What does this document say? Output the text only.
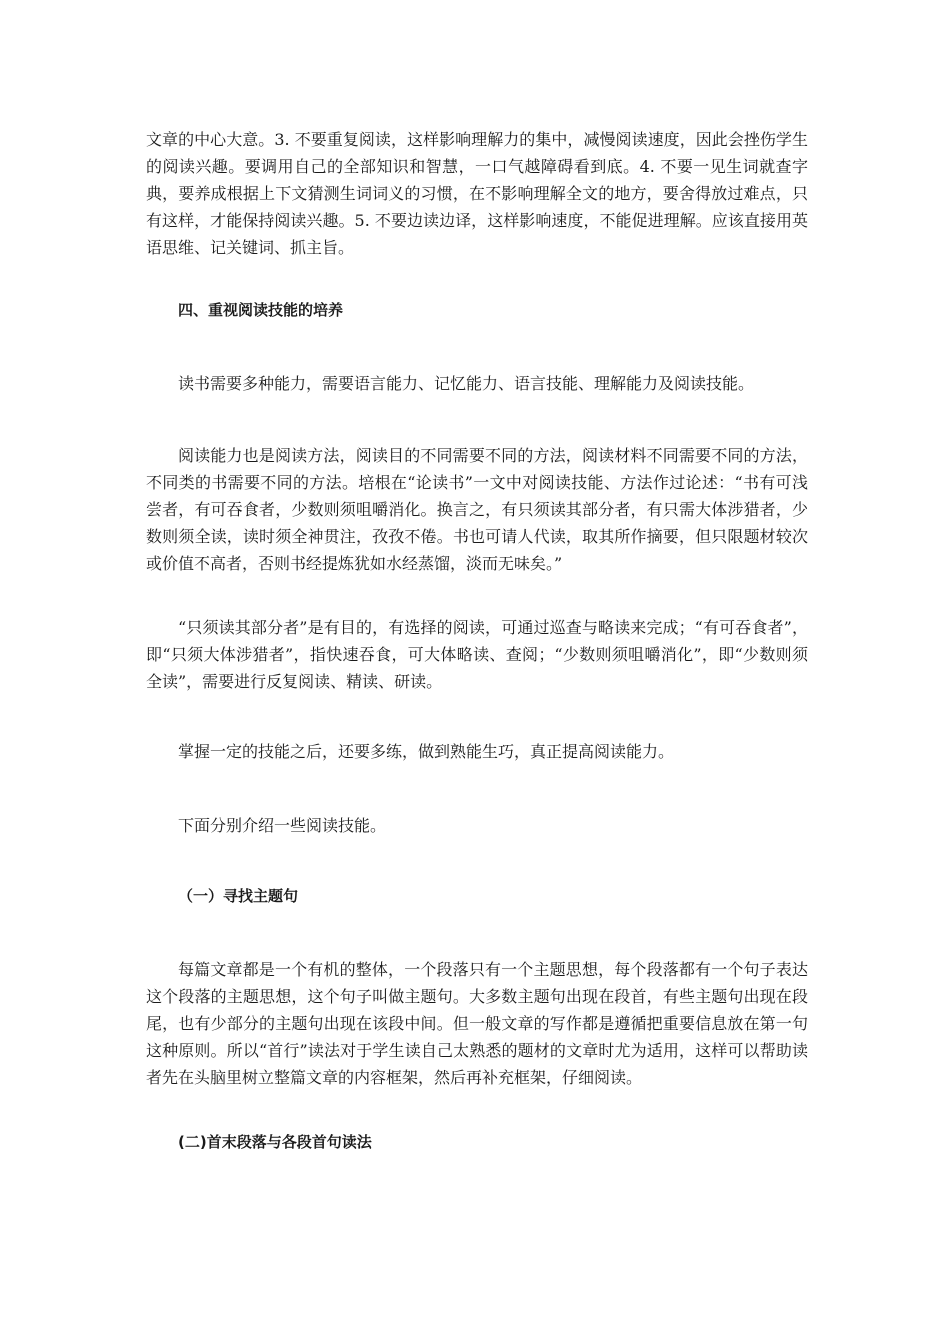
文章的中心大意。3. 不要重复阅读，这样影响理解力的集中，减慢阅读速度，因此会挫伤学生的阅读兴趣。要调用自己的全部知识和智慧，一口气越障碍看到底。4. 不要一见生词就查字典，要养成根据上下文猜测生词词义的习惯，在不影响理解全文的地方，要舍得放过难点，只有这样，才能保持阅读兴趣。5. 不要边读边译，这样影响速度，不能促进理解。应该直接用英语思维、记关键词、抓主旨。

四、重视阅读技能的培养

读书需要多种能力，需要语言能力、记忆能力、语言技能、理解能力及阅读技能。

阅读能力也是阅读方法，阅读目的不同需要不同的方法，阅读材料不同需要不同的方法，不同类的书需要不同的方法。培根在“论读书”一文中对阅读技能、方法作过论述：“书有可浅尝者，有可吞食者，少数则须咀嚼消化。换言之，有只须读其部分者，有只需大体涉猎者，少数则须全读，读时须全神贯注，孜孜不倦。书也可请人代读，取其所作摘要，但只限题材较次或价值不高者，否则书经提炼犹如水经蒸馏，淡而无味矣。”

“只须读其部分者”是有目的，有选择的阅读，可通过巡查与略读来完成；“有可吞食者”，即“只须大体涉猎者”，指快速吞食，可大体略读、查阅；“少数则须咀嚼消化”，即“少数则须全读”，需要进行反复阅读、精读、研读。

掌握一定的技能之后，还要多练，做到熟能生巧，真正提高阅读能力。

下面分别介绍一些阅读技能。

（一）寻找主题句

每篇文章都是一个有机的整体，一个段落只有一个主题思想，每个段落都有一个句子表达这个段落的主题思想，这个句子叫做主题句。大多数主题句出现在段首，有些主题句出现在段尾，也有少部分的主题句出现在该段中间。但一般文章的写作都是遵循把重要信息放在第一句这种原则。所以“首行”读法对于学生读自己太熟悉的题材的文章时尤为适用，这样可以帮助读者先在头脑里树立整篇文章的内容框架，然后再补充框架，仔细阅读。

(二)首末段落与各段首句读法
